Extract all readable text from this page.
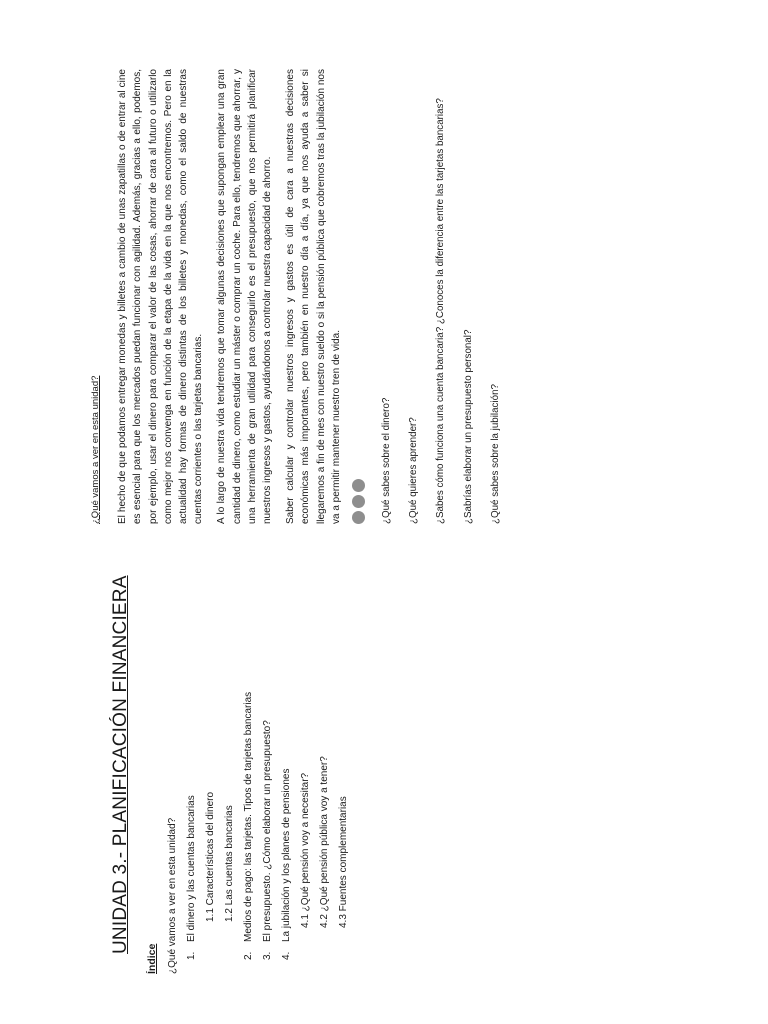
UNIDAD 3.- PLANIFICACIÓN FINANCIERA
Índice ¿Qué vamos a ver en esta unidad? 1.El dinero y las cuentas bancarias 1.1 Características del dinero 1.2 Las cuentas bancarias
2.Medios de pago: las tarjetas. Tipos de tarjetas bancarias
3.El presupuesto. ¿Cómo elaborar un presupuesto?
4.La jubilación y los planes de pensiones 4.1 ¿Qué pensión voy a necesitar? 4.2 ¿Qué pensión pública voy a tener? 4.3 Fuentes complementarias
¿Qué vamos a ver en esta unidad? El hecho de que podamos entregar monedas y billetes a cambio de unas zapatillas o de entrar al cine es esencial para que los mercados puedan funcionar con agilidad. Además, gracias a ello, podemos, por ejemplo, usar el dinero para comparar el valor de las cosas, ahorrar de cara al futuro o utilizarlo como mejor nos convenga en función de la etapa de la vida en la que nos encontremos. Pero en la actualidad hay formas de dinero distintas de los billetes y monedas, como el saldo de nuestras cuentas corrientes o las tarjetas bancarias. A lo largo de nuestra vida tendremos que tomar algunas decisiones que supongan emplear una gran cantidad de dinero, como estudiar un máster o comprar un coche. Para ello, tendremos que ahorrar, y una herramienta de gran utilidad para conseguirlo es el presupuesto, que nos permitirá planificar nuestros ingresos y gastos, ayudándonos a controlar nuestra capacidad de ahorro. Saber calcular y controlar nuestros ingresos y gastos es útil de cara a nuestras decisiones económicas más importantes, pero también en nuestro día a día, ya que nos ayuda a saber si llegaremos a fin de mes con nuestro sueldo o si la pensión pública que cobremos tras la jubilación nos va a permitir mantener nuestro tren de vida.	¿Qué sabes sobre el dinero? ¿Qué quieres aprender? ¿Sabes cómo funciona una cuenta bancaria? ¿Conoces la diferencia entre las tarjetas bancarias? ¿Sabrías elaborar un presupuesto personal? ¿Qué sabes sobre la jubilación?
